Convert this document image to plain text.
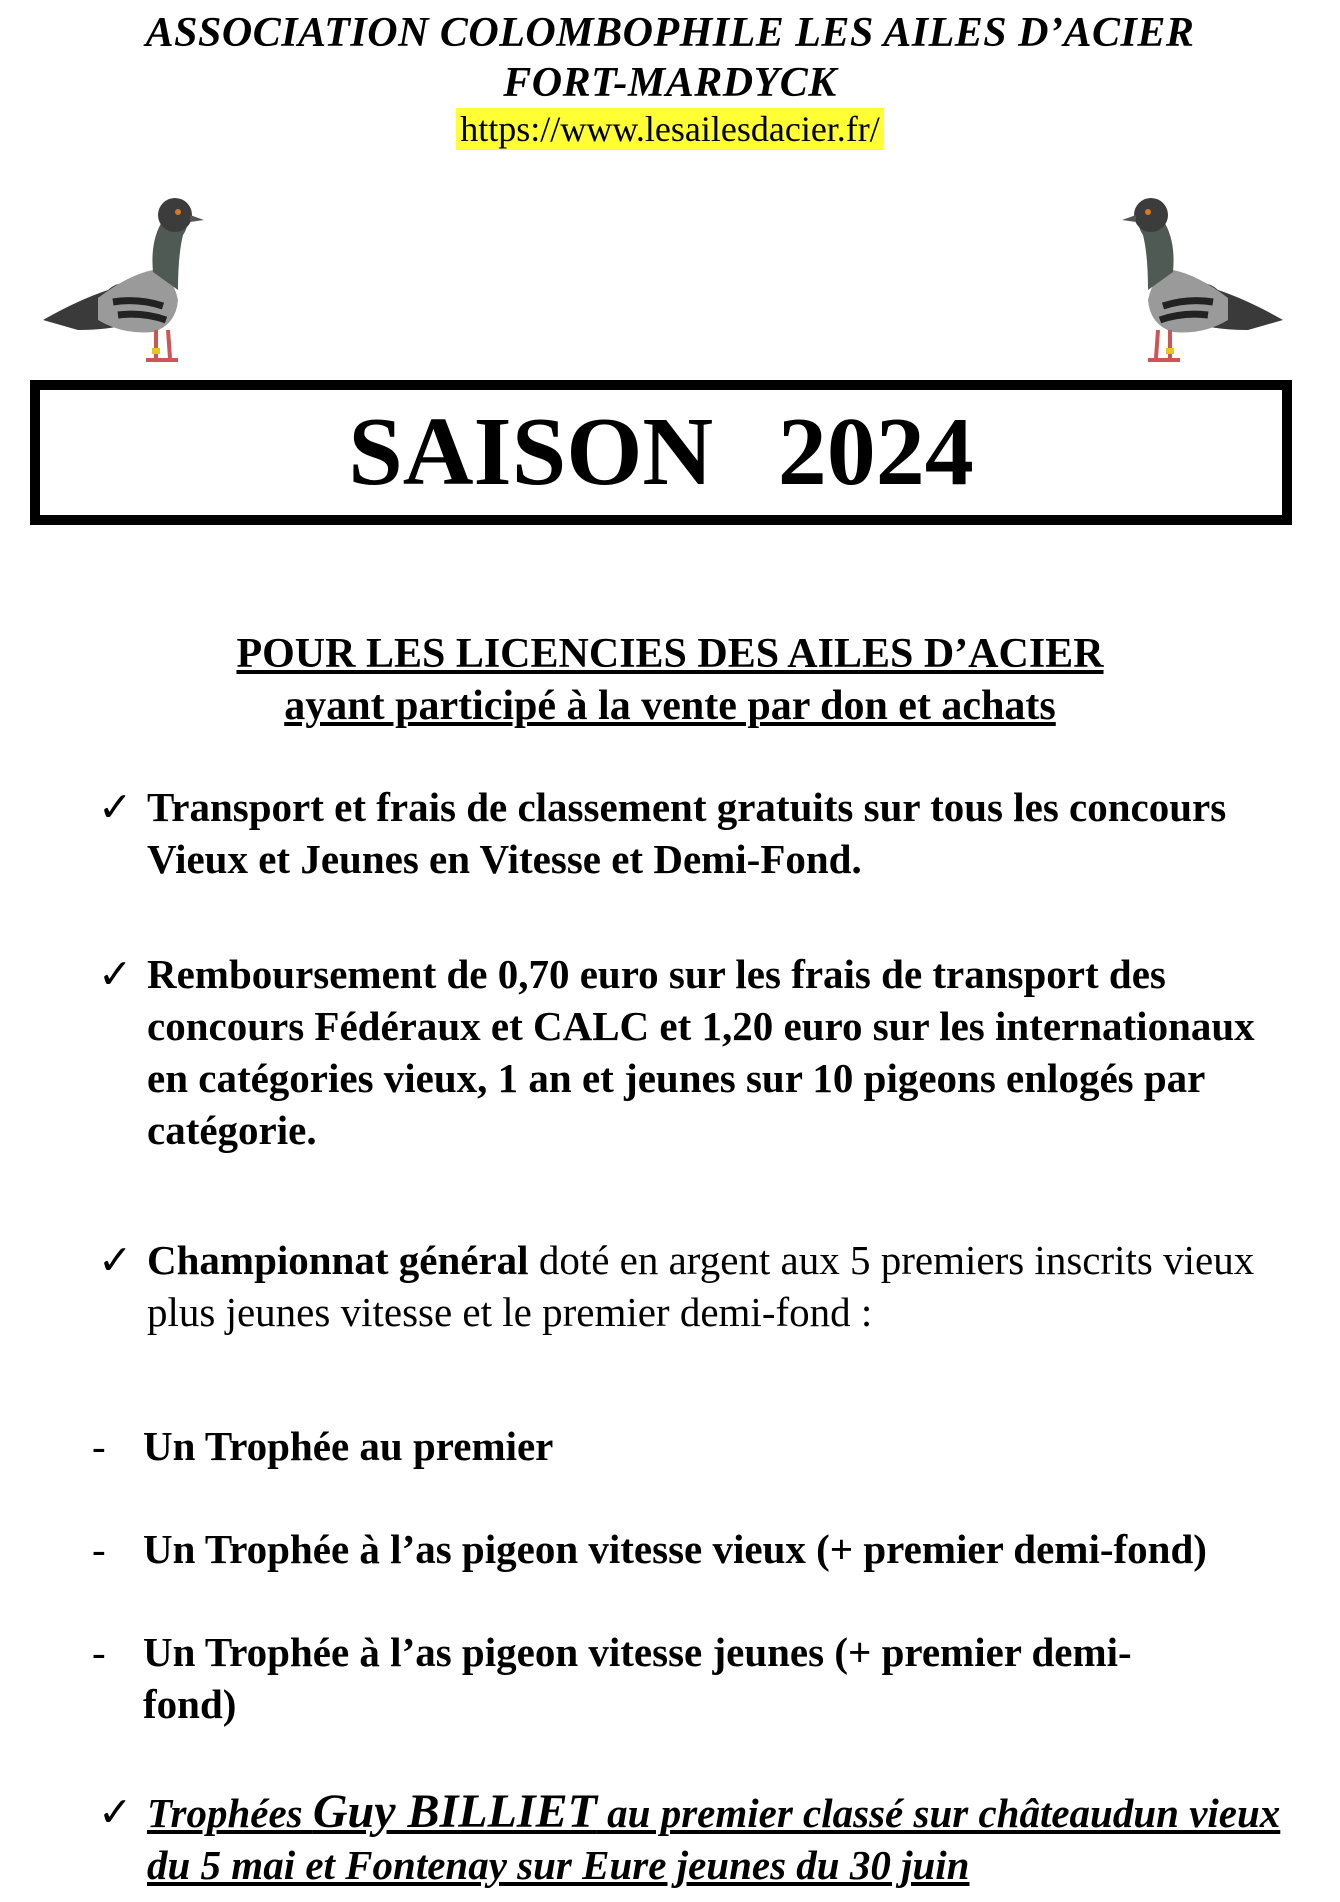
ASSOCIATION COLOMBOPHILE LES AILES D’ACIER

FORT-MARDYCK

https://www.lesailesdacier.fr/

SAISON 2024

POUR LES LICENCIES DES AILES D’ACIER
ayant participé à la vente par don et achats
✓ Transport et frais de classement gratuits sur tous les concours Vieux et Jeunes en Vitesse et Demi-Fond.
✓ Remboursement de 0,70 euro sur les frais de transport des concours Fédéraux et CALC et 1,20 euro sur les internationaux en catégories vieux, 1 an et jeunes sur 10 pigeons enlogés par catégorie.
✓ Championnat général doté en argent aux 5 premiers inscrits vieux plus jeunes vitesse et le premier demi-fond :
- Un Trophée au premier
- Un Trophée à l’as pigeon vitesse vieux (+ premier demi-fond)
- Un Trophée à l’as pigeon vitesse jeunes (+ premier demi-fond)
✓ Trophées Guy BILLIET au premier classé sur châteaudun vieux du 5 mai et Fontenay sur Eure jeunes du 30 juin
